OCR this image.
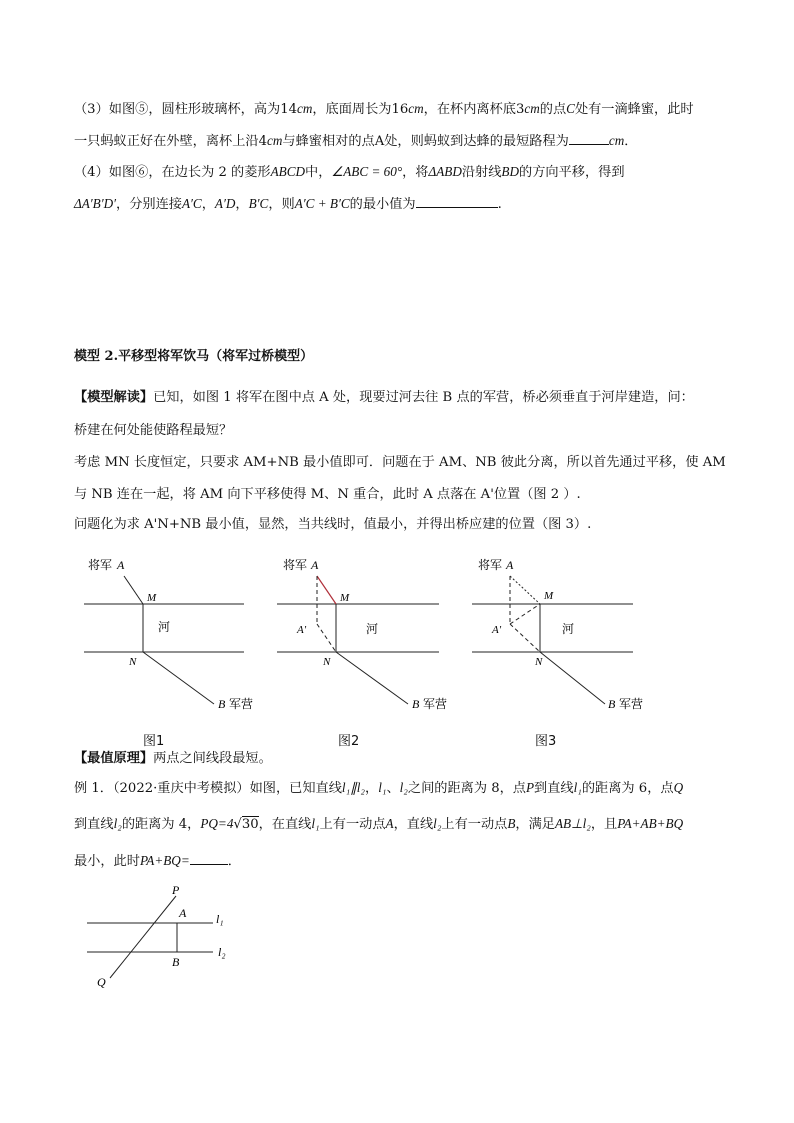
（3）如图⑤，圆柱形玻璃杯，高为14cm，底面周长为16cm，在杯内离杯底3cm的点C处有一滴蜂蜜，此时
一只蚂蚁正好在外壁，离杯上沿4cm与蜂蜜相对的点A处，则蚂蚁到达蜂的最短路程为	cm．
（4）如图⑥，在边长为 2 的菱形ABCD中，∠ABC = 60°，将ΔABD沿射线BD的方向平移，得到
ΔA′B′D′，分别连接A′C，A′D，B′C，则A′C + B′C的最小值为	.
模型 2.平移型将军饮马（将军过桥模型）
【模型解读】已知，如图 1 将军在图中点 A 处，现要过河去往 B 点的军营，桥必须垂直于河岸建造，问：
桥建在何处能使路程最短？
考虑 MN 长度恒定，只要求 AM+NB 最小值即可．问题在于 AM、NB 彼此分离，所以首先通过平移，使 AM
与 NB 连在一起，将 AM 向下平移使得 M、N 重合，此时 A 点落在 A'位置（图 2 ）.
问题化为求 A'N+NB 最小值，显然，当共线时，值最小，并得出桥应建的位置（图 3）.
将军 A
M
河
N
B 军营
将军 A
M
A'	河
N
B 军营
将军 A
M
A'	河
N
B 军营
图1	图2	图3
【最值原理】两点之间线段最短。
例 1．（2022·重庆中考模拟）如图，已知直线l₁∥l₂，l₁、l₂之间的距离为 8，点P到直线l₁的距离为 6，点Q
到直线l₂的距离为 4，PQ=4√30，在直线l₁上有一动点A，直线l₂上有一动点B，满足AB⊥l₂，且PA+AB+BQ
最小，此时PA+BQ=	．
P
A
B
Q
l₁
l₂
